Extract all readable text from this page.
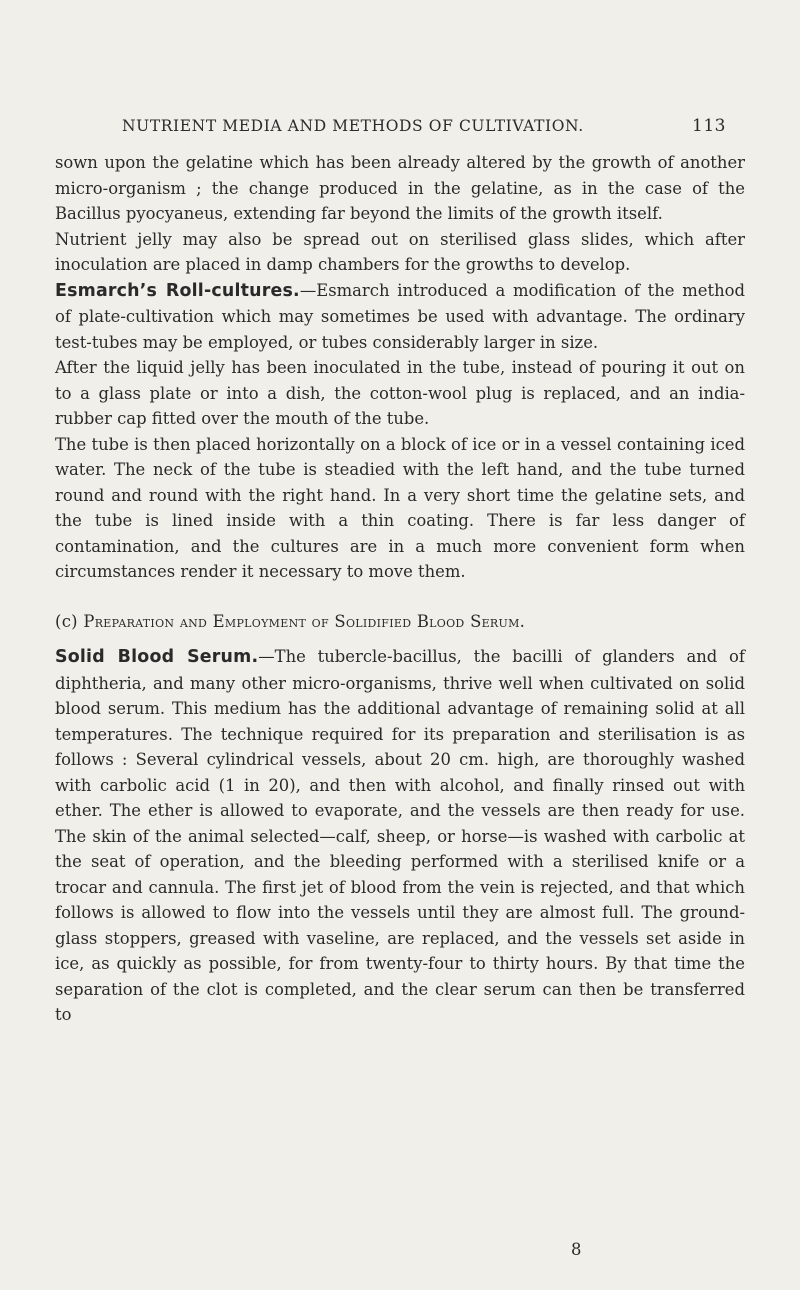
NUTRIENT MEDIA AND METHODS OF CULTIVATION.	113

sown upon the gelatine which has been already altered by the growth of another micro-organism ; the change produced in the gelatine, as in the case of the Bacillus pyocyaneus, extending far beyond the limits of the growth itself.

Nutrient jelly may also be spread out on sterilised glass slides, which after inoculation are placed in damp chambers for the growths to develop.

Esmarch’s Roll-cultures.—Esmarch introduced a modification of the method of plate-cultivation which may sometimes be used with advantage. The ordinary test-tubes may be employed, or tubes considerably larger in size.

After the liquid jelly has been inoculated in the tube, instead of pouring it out on to a glass plate or into a dish, the cotton-wool plug is replaced, and an india-rubber cap fitted over the mouth of the tube.

The tube is then placed horizontally on a block of ice or in a vessel containing iced water. The neck of the tube is steadied with the left hand, and the tube turned round and round with the right hand. In a very short time the gelatine sets, and the tube is lined inside with a thin coating. There is far less danger of contamination, and the cultures are in a much more convenient form when circumstances render it necessary to move them.

(c) Preparation and Employment of Solidified Blood Serum.

Solid Blood Serum.—The tubercle-bacillus, the bacilli of glanders and of diphtheria, and many other micro-organisms, thrive well when cultivated on solid blood serum. This medium has the additional advantage of remaining solid at all temperatures. The technique required for its preparation and sterilisation is as follows : Several cylindrical vessels, about 20 cm. high, are thoroughly washed with carbolic acid (1 in 20), and then with alcohol, and finally rinsed out with ether. The ether is allowed to evaporate, and the vessels are then ready for use. The skin of the animal selected—calf, sheep, or horse—is washed with carbolic at the seat of operation, and the bleeding performed with a sterilised knife or a trocar and cannula. The first jet of blood from the vein is rejected, and that which follows is allowed to flow into the vessels until they are almost full. The ground-glass stoppers, greased with vaseline, are replaced, and the vessels set aside in ice, as quickly as possible, for from twenty-four to thirty hours. By that time the separation of the clot is completed, and the clear serum can then be transferred to

8
